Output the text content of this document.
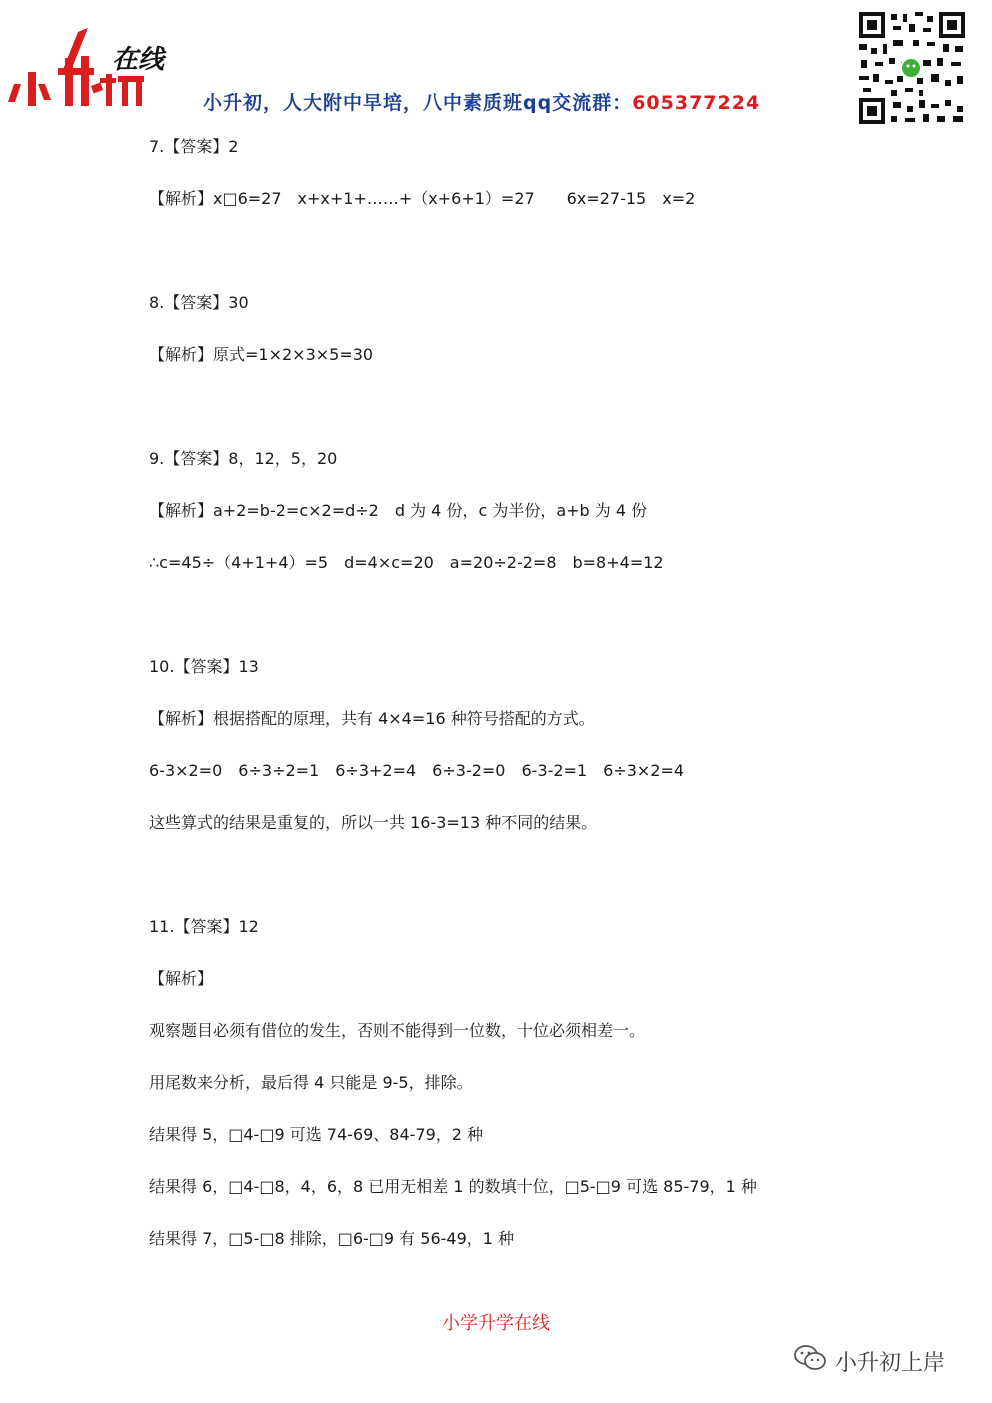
在线
小升初，人大附中早培，八中素质班qq交流群：605377224
7.【答案】2
【解析】x□6=27　x+x+1+……+（x+6+1）=27　　6x=27-15　x=2
8.【答案】30
【解析】原式=1×2×3×5=30
9.【答案】8，12，5，20
【解析】a+2=b-2=c×2=d÷2　d 为 4 份，c 为半份，a+b 为 4 份
∴c=45÷（4+1+4）=5　d=4×c=20　a=20÷2-2=8　b=8+4=12
10.【答案】13
【解析】根据搭配的原理，共有 4×4=16 种符号搭配的方式。
6-3×2=0　6÷3÷2=1　6÷3+2=4　6÷3-2=0　6-3-2=1　6÷3×2=4
这些算式的结果是重复的，所以一共 16-3=13 种不同的结果。
11.【答案】12
【解析】
观察题目必须有借位的发生，否则不能得到一位数，十位必须相差一。
用尾数来分析，最后得 4 只能是 9-5，排除。
结果得 5，□4-□9 可选 74-69、84-79，2 种
结果得 6，□4-□8，4，6，8 已用无相差 1 的数填十位，□5-□9 可选 85-79，1 种
结果得 7，□5-□8 排除，□6-□9 有 56-49，1 种
小学升学在线
小升初上岸
